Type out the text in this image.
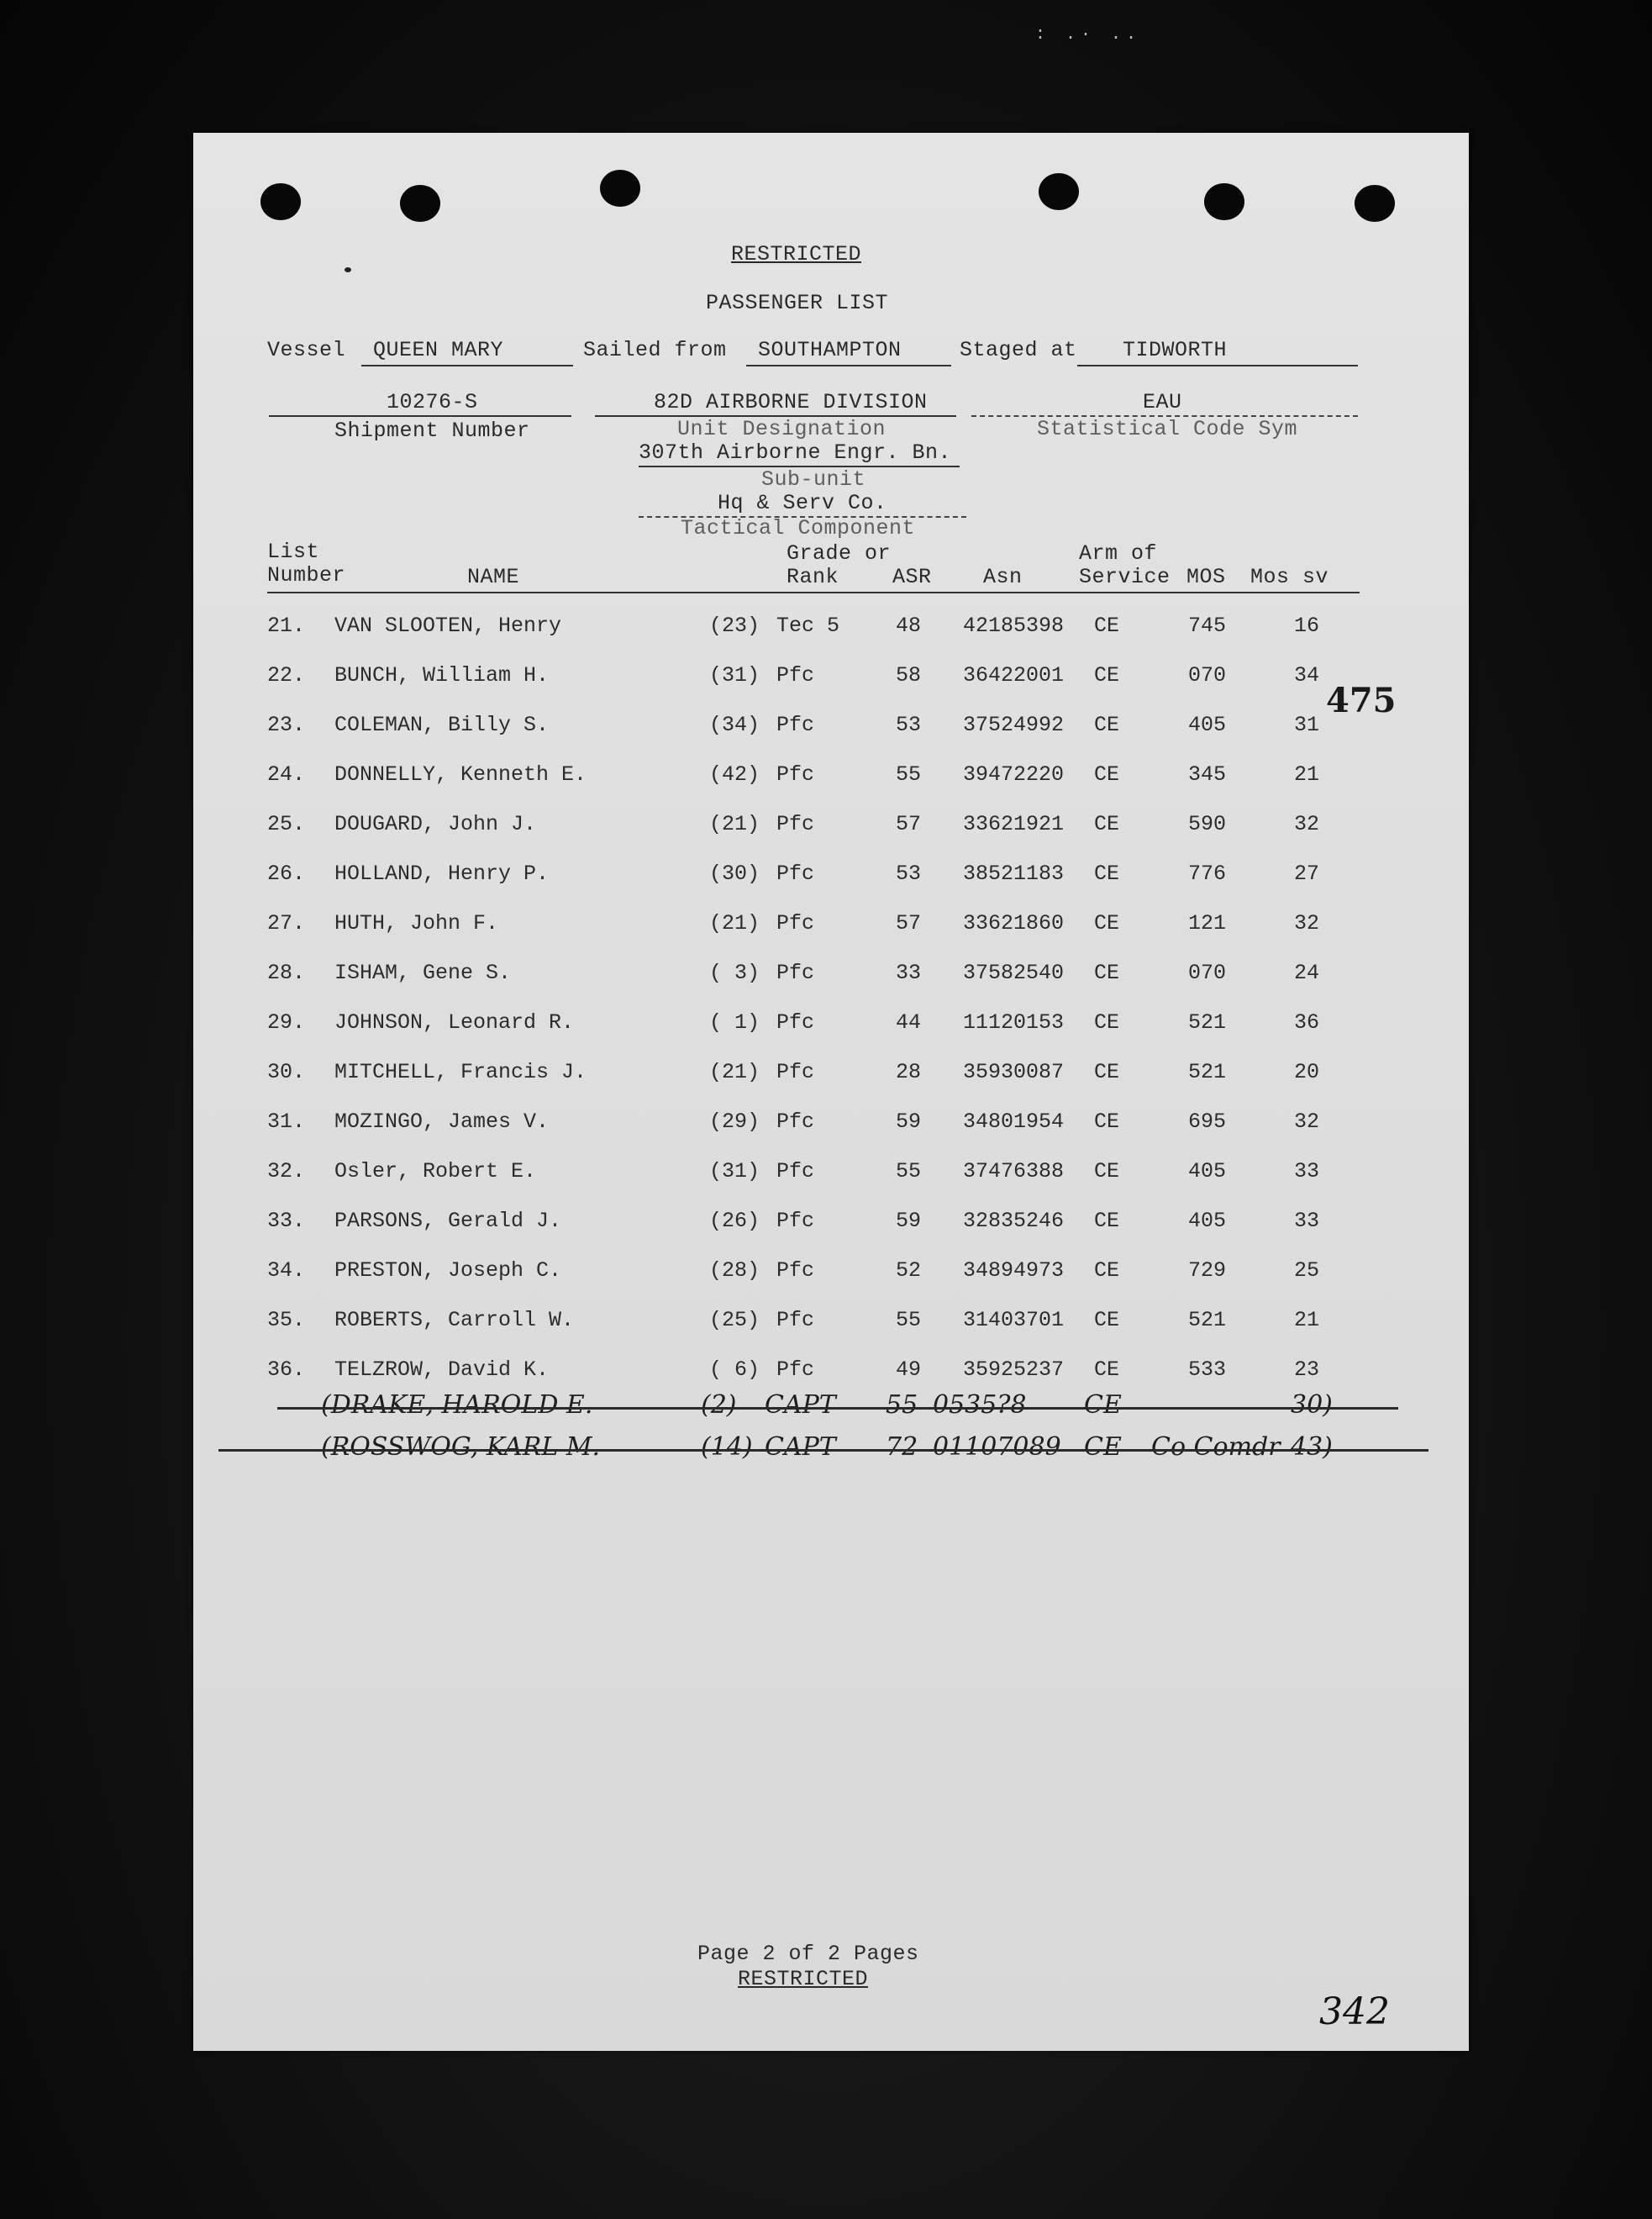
: .· ..
RESTRICTED
PASSENGER LIST
Vessel QUEEN MARY	Sailed from SOUTHAMPTON	Staged at TIDWORTH
10276-S
Shipment Number
82D AIRBORNE DIVISION
Unit Designation
EAU
Statistical Code Sym
307th Airborne Engr. Bn.
Sub-unit
Hq & Serv Co.
Tactical Component
List
Number	NAME
Grade or
Rank	ASR Asn
Arm of
Service MOS Mos sv
21. VAN SLOOTEN, Henry	(23) Tec 5	48 42185398 CE	745	16
22. BUNCH, William H.	(31) Pfc	58 36422001 CE	070	34
23. COLEMAN, Billy S.	(34) Pfc	53 37524992 CE	405	31
24. DONNELLY, Kenneth E.	(42) Pfc	55 39472220 CE	345	21
25. DOUGARD, John J.	(21) Pfc	57 33621921 CE	590	32
26. HOLLAND, Henry P.	(30) Pfc	53 38521183 CE	776	27
27. HUTH, John F.	(21) Pfc	57 33621860 CE	121	32
28. ISHAM, Gene S.	( 3) Pfc	33 37582540 CE	070	24
29. JOHNSON, Leonard R.	( 1) Pfc	44 11120153 CE	521	36
30. MITCHELL, Francis J.	(21) Pfc	28 35930087 CE	521	20
31. MOZINGO, James V.	(29) Pfc	59 34801954 CE	695	32
32. Osler, Robert E.	(31) Pfc	55 37476388 CE	405	33
33. PARSONS, Gerald J.	(26) Pfc	59 32835246 CE	405	33
34. PRESTON, Joseph C.	(28) Pfc	52 34894973 CE	729	25
35. ROBERTS, Carroll W.	(25) Pfc	55 31403701 CE	521	21
36. TELZROW, David K.	( 6) Pfc	49 35925237 CE	533	23
(DRAKE, HAROLD E.	(2) CAPT 55 0535?8 CE	30)
(ROSSWOG, KARL M.	(14) CAPT 72 01107089 CE Co Comdr 43)
475
342
Page 2 of 2 Pages
RESTRICTED
